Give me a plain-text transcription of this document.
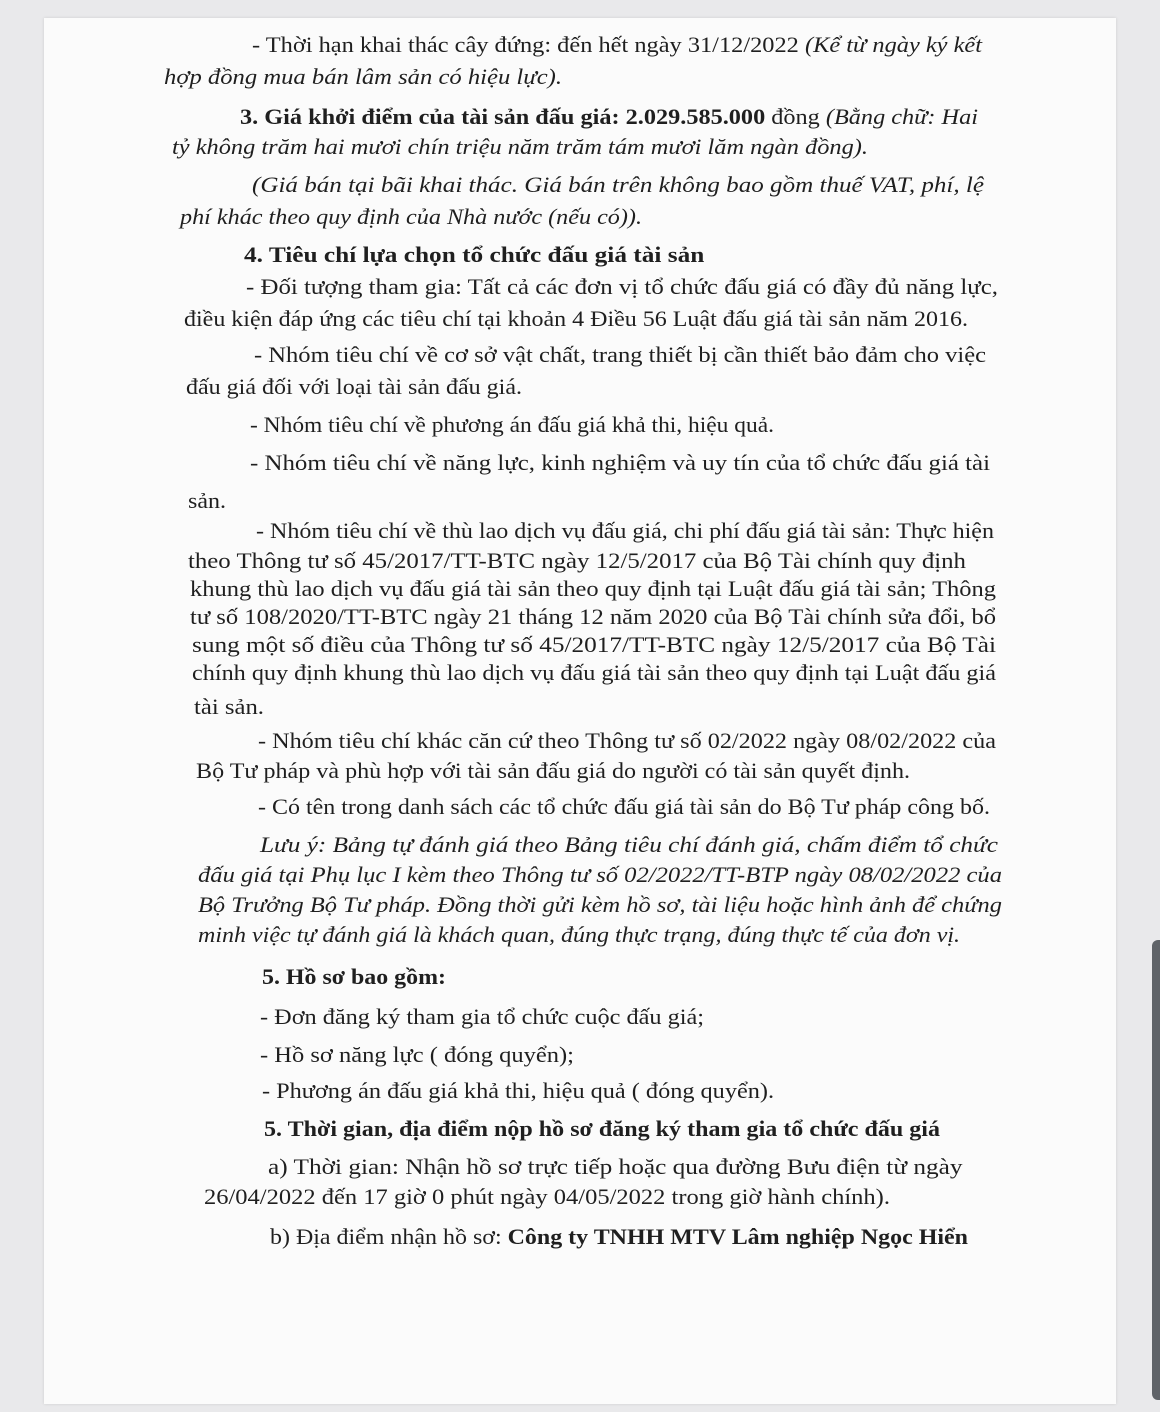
- Thời hạn khai thác cây đứng: đến hết ngày 31/12/2022 (Kể từ ngày ký kết
hợp đồng mua bán lâm sản có hiệu lực).
3. Giá khởi điểm của tài sản đấu giá: 2.029.585.000 đồng (Bằng chữ: Hai
tỷ không trăm hai mươi chín triệu năm trăm tám mươi lăm ngàn đồng).
(Giá bán tại bãi khai thác. Giá bán trên không bao gồm thuế VAT, phí, lệ
phí khác theo quy định của Nhà nước (nếu có)).
4. Tiêu chí lựa chọn tổ chức đấu giá tài sản
- Đối tượng tham gia: Tất cả các đơn vị tổ chức đấu giá có đầy đủ năng lực,
điều kiện đáp ứng các tiêu chí tại khoản 4 Điều 56 Luật đấu giá tài sản năm 2016.
- Nhóm tiêu chí về cơ sở vật chất, trang thiết bị cần thiết bảo đảm cho việc
đấu giá đối với loại tài sản đấu giá.
- Nhóm tiêu chí về phương án đấu giá khả thi, hiệu quả.
- Nhóm tiêu chí về năng lực, kinh nghiệm và uy tín của tổ chức đấu giá tài
sản.
- Nhóm tiêu chí về thù lao dịch vụ đấu giá, chi phí đấu giá tài sản: Thực hiện
theo Thông tư số 45/2017/TT-BTC ngày 12/5/2017 của Bộ Tài chính quy định
khung thù lao dịch vụ đấu giá tài sản theo quy định tại Luật đấu giá tài sản; Thông
tư số 108/2020/TT-BTC ngày 21 tháng 12 năm 2020 của Bộ Tài chính sửa đổi, bổ
sung một số điều của Thông tư số 45/2017/TT-BTC ngày 12/5/2017 của Bộ Tài
chính quy định khung thù lao dịch vụ đấu giá tài sản theo quy định tại Luật đấu giá
tài sản.
- Nhóm tiêu chí khác căn cứ theo Thông tư số 02/2022 ngày 08/02/2022 của
Bộ Tư pháp và phù hợp với tài sản đấu giá do người có tài sản quyết định.
- Có tên trong danh sách các tổ chức đấu giá tài sản do Bộ Tư pháp công bố.
Lưu ý: Bảng tự đánh giá theo Bảng tiêu chí đánh giá, chấm điểm tổ chức
đấu giá tại Phụ lục I kèm theo Thông tư số 02/2022/TT-BTP ngày 08/02/2022 của
Bộ Trưởng Bộ Tư pháp. Đồng thời gửi kèm hồ sơ, tài liệu hoặc hình ảnh để chứng
minh việc tự đánh giá là khách quan, đúng thực trạng, đúng thực tế của đơn vị.
5. Hồ sơ bao gồm:
- Đơn đăng ký tham gia tổ chức cuộc đấu giá;
- Hồ sơ năng lực ( đóng quyển);
- Phương án đấu giá khả thi, hiệu quả ( đóng quyển).
5. Thời gian, địa điểm nộp hồ sơ đăng ký tham gia tổ chức đấu giá
a) Thời gian: Nhận hồ sơ trực tiếp hoặc qua đường Bưu điện từ ngày
26/04/2022 đến 17 giờ 0 phút ngày 04/05/2022 trong giờ hành chính).
b) Địa điểm nhận hồ sơ: Công ty TNHH MTV Lâm nghiệp Ngọc Hiển
